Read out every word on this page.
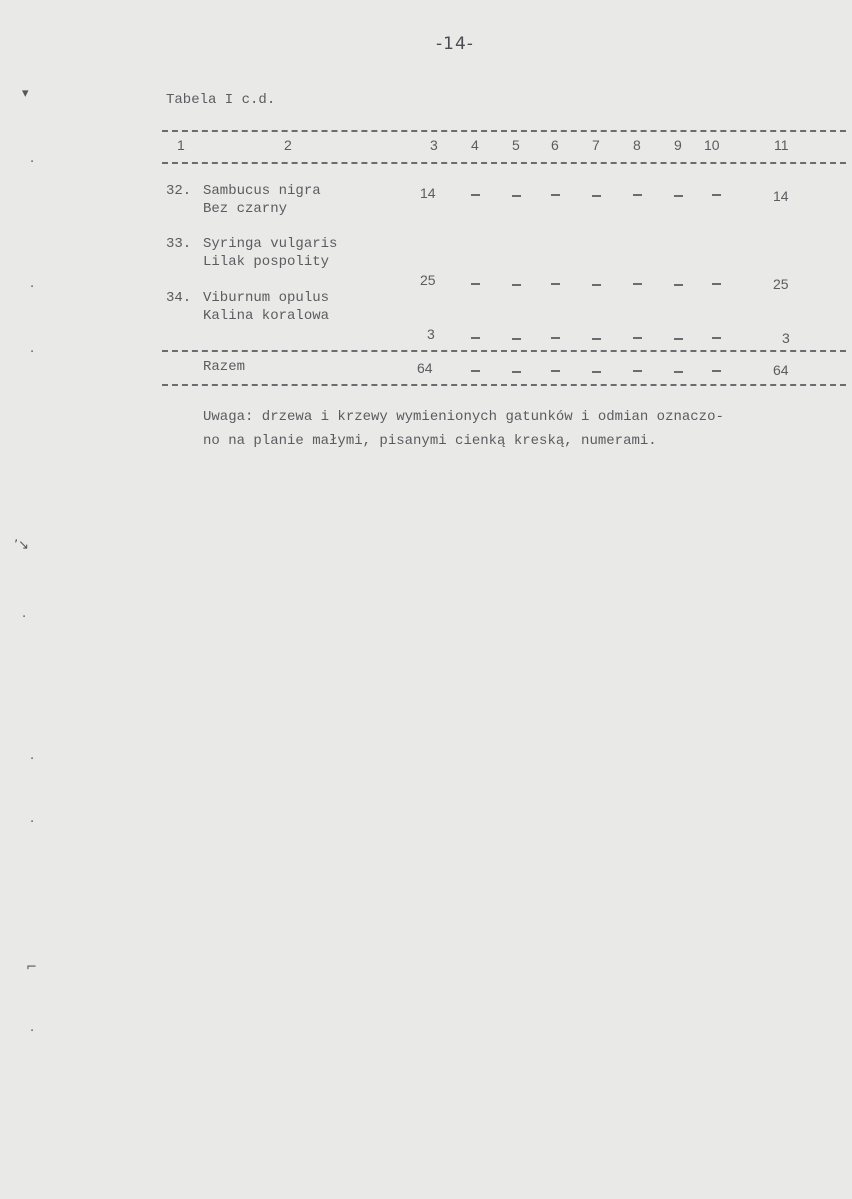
▾
·
·
·
ʼ↘
·
·
·
⌐
·
-14-
Tabela I c.d.
1	2	3 4 5 6 7 8 9 10	11
32. Sambucus nigra
Bez czarny
14	14
33. Syringa vulgaris
Lilak pospolity
25	25
34. Viburnum opulus
Kalina koralowa
3	3
Razem	64	64
Uwaga: drzewa i krzewy wymienionych gatunków i odmian oznaczo-
no na planie małymi, pisanymi cienką kreską, numerami.
